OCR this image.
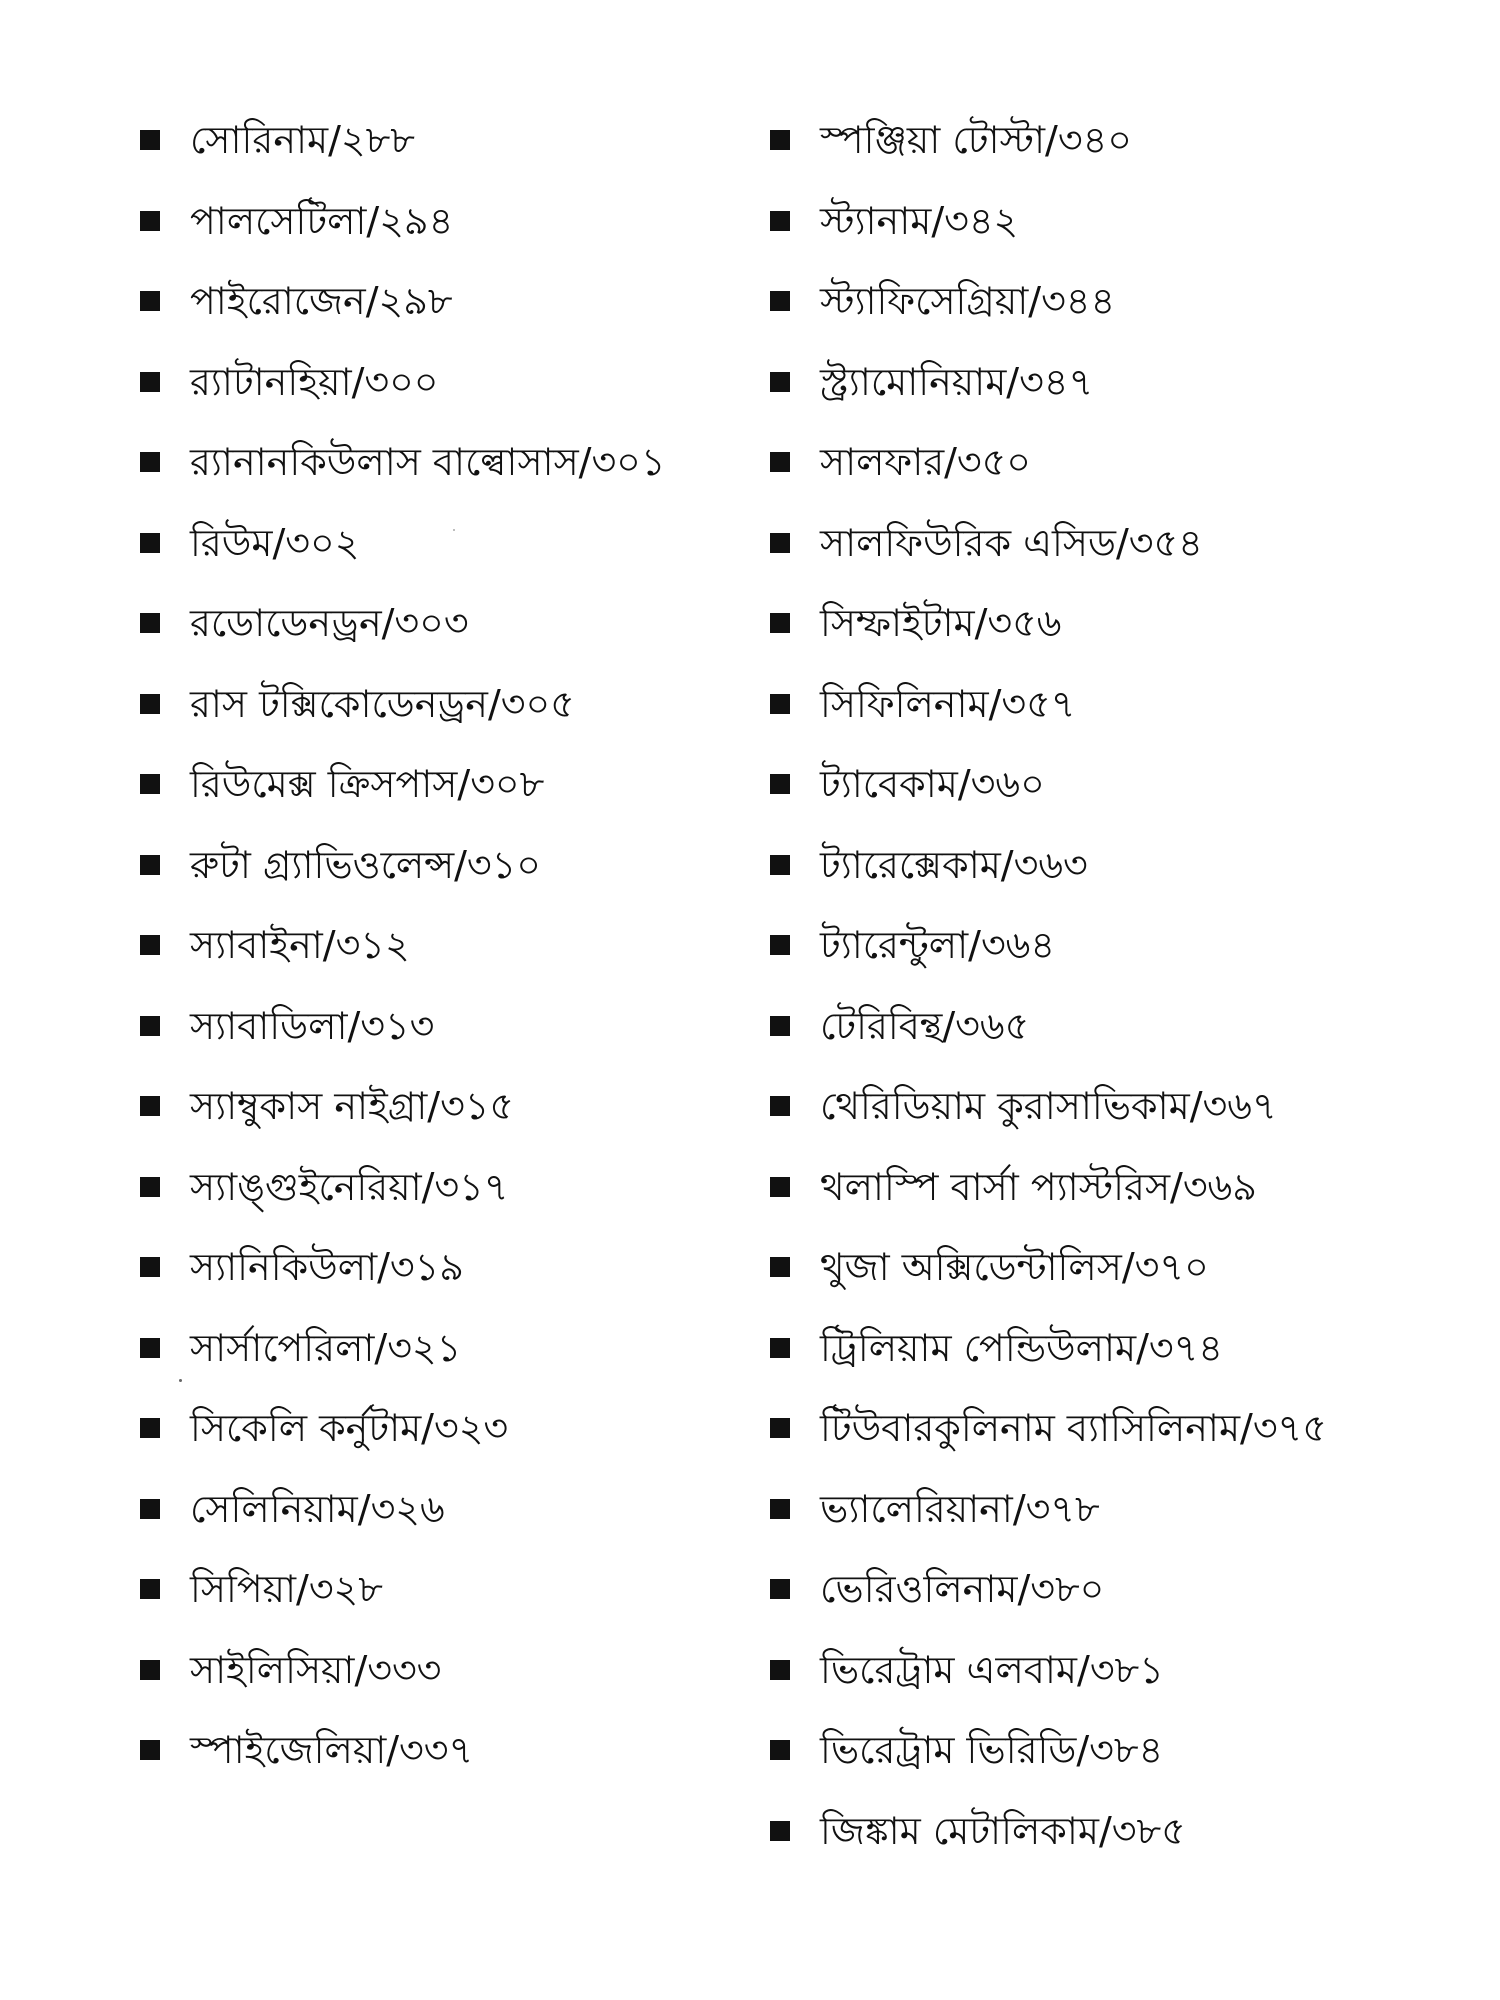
সোরিনাম/২৮৮
পালসেটিলা/২৯৪
পাইরোজেন/২৯৮
র‍্যাটানহিয়া/৩০০
র‍্যানানকিউলাস বাল্বোসাস/৩০১
রিউম/৩০২
রডোডেনড্রন/৩০৩
রাস টক্সিকোডেনড্রন/৩০৫
রিউমেক্স ক্রিসপাস/৩০৮
রুটা গ্র্যাভিওলেন্স/৩১০
স্যাবাইনা/৩১২
স্যাবাডিলা/৩১৩
স্যাম্বুকাস নাইগ্রা/৩১৫
স্যাঙ্গুইনেরিয়া/৩১৭
স্যানিকিউলা/৩১৯
সার্সাপেরিলা/৩২১
সিকেলি কর্নুটাম/৩২৩
সেলিনিয়াম/৩২৬
সিপিয়া/৩২৮
সাইলিসিয়া/৩৩৩
স্পাইজেলিয়া/৩৩৭
স্পঞ্জিয়া টোস্টা/৩৪০
স্ট্যানাম/৩৪২
স্ট্যাফিসেগ্রিয়া/৩৪৪
স্ট্র্যামোনিয়াম/৩৪৭
সালফার/৩৫০
সালফিউরিক এসিড/৩৫৪
সিম্ফাইটাম/৩৫৬
সিফিলিনাম/৩৫৭
ট্যাবেকাম/৩৬০
ট্যারেক্সেকাম/৩৬৩
ট্যারেন্টুলা/৩৬৪
টেরিবিন্থ/৩৬৫
থেরিডিয়াম কুরাসাভিকাম/৩৬৭
থলাস্পি বার্সা প্যাস্টরিস/৩৬৯
থুজা অক্সিডেন্টালিস/৩৭০
ট্রিলিয়াম পেন্ডিউলাম/৩৭৪
টিউবারকুলিনাম ব্যাসিলিনাম/৩৭৫
ভ্যালেরিয়ানা/৩৭৮
ভেরিওলিনাম/৩৮০
ভিরেট্রাম এলবাম/৩৮১
ভিরেট্রাম ভিরিডি/৩৮৪
জিঙ্কাম মেটালিকাম/৩৮৫
